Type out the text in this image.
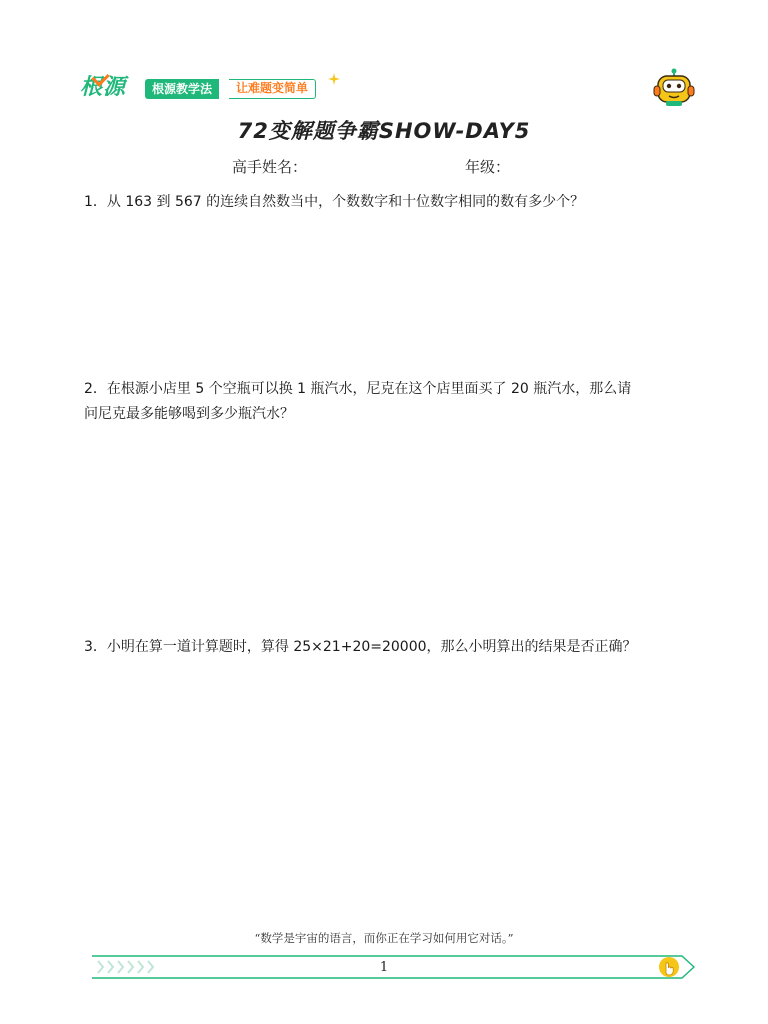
根源	根源教学法	让难题变简单
72变解题争霸SHOW-DAY5
高手姓名：	年级：
1．从 163 到 567 的连续自然数当中，个数数字和十位数字相同的数有多少个？
2．在根源小店里 5 个空瓶可以换 1 瓶汽水，尼克在这个店里面买了 20 瓶汽水，那么请
问尼克最多能够喝到多少瓶汽水？
3．小明在算一道计算题时，算得 25×21+20=20000，那么小明算出的结果是否正确？
“数学是宇宙的语言，而你正在学习如何用它对话。”
1
